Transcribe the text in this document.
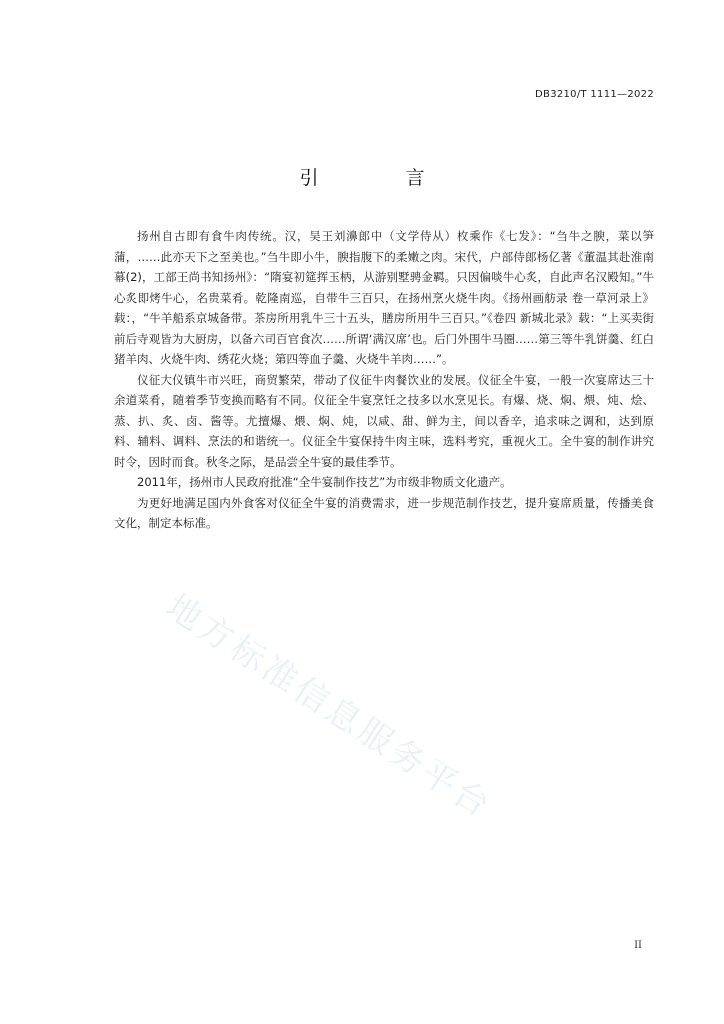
DB3210/T 1111—2022
引　言

扬州自古即有食牛肉传统。汉，吴王刘濞郎中（文学侍从）枚乘作《七发》：“刍牛之腴，菜以笋蒲，……此亦天下之至美也。”刍牛即小牛，腴指腹下的柔嫩之肉。宋代，户部侍郎杨亿著《董温其赴淮南幕(2)，工部王尚书知扬州》：“隋宴初筵挥玉柄，从游别墅骋金羁。只因偏啖牛心炙，自此声名汉殿知。”牛心炙即烤牛心，名贵菜肴。乾隆南巡，自带牛三百只，在扬州烹火烧牛肉。《扬州画舫录 卷一草河录上》载：，“牛羊船系京城备带。茶房所用乳牛三十五头，膳房所用牛三百只。”《卷四 新城北录》载：“上买卖街前后寺观皆为大厨房，以备六司百官食次……所谓‘满汉席’也。后门外围牛马圈……第三等牛乳饼羹、红白猪羊肉、火烧牛肉、绣花火烧；第四等血子羹、火烧牛羊肉……”。

仪征大仪镇牛市兴旺，商贸繁荣，带动了仪征牛肉餐饮业的发展。仪征全牛宴，一般一次宴席达三十余道菜肴，随着季节变换而略有不同。仪征全牛宴烹饪之技多以水烹见长。有爆、烧、焖、煨、炖、烩、蒸、扒、炙、卤、酱等。尤擅爆、煨、焖、炖，以咸、甜、鲜为主，间以香辛，追求味之调和，达到原料、辅料、调料、烹法的和谐统一。仪征全牛宴保持牛肉主味，选料考究，重视火工。全牛宴的制作讲究时令，因时而食。秋冬之际，是品尝全牛宴的最佳季节。

2011年，扬州市人民政府批准“全牛宴制作技艺”为市级非物质文化遗产。

为更好地满足国内外食客对仪征全牛宴的消费需求，进一步规范制作技艺，提升宴席质量，传播美食文化，制定本标准。

地方标准信息服务平台
II
